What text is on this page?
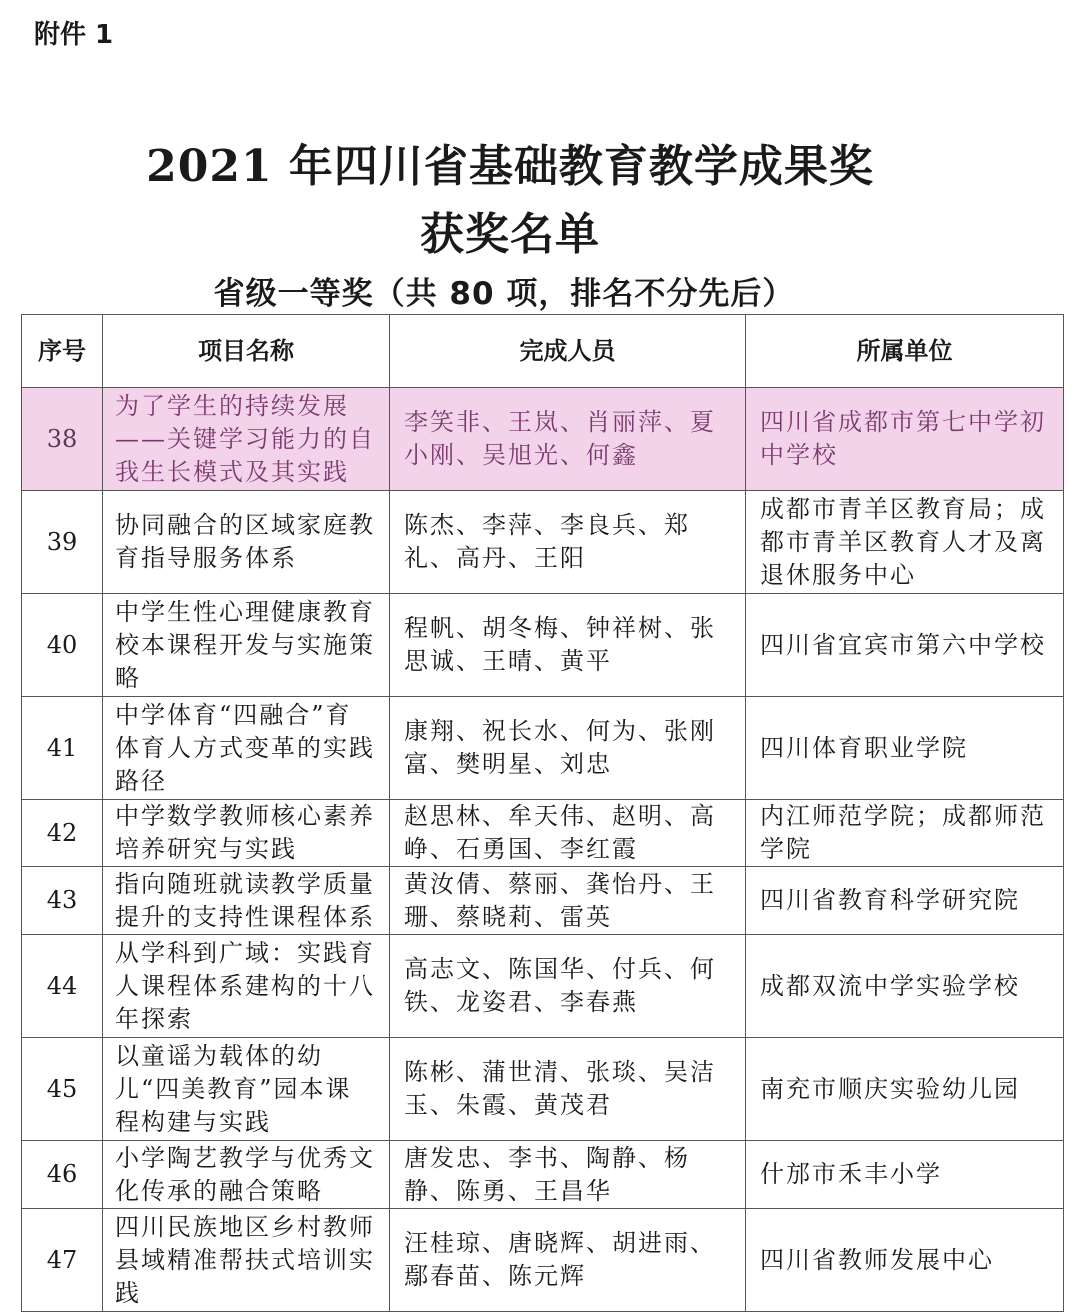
附件 1
2021 年四川省基础教育教学成果奖
获奖名单
省级一等奖（共 80 项，排名不分先后）
序号	项目名称	完成人员	所属单位
38	为了学生的持续发展——关键学习能力的自我生长模式及其实践	李笑非、王岚、肖丽萍、夏小刚、吴旭光、何鑫	四川省成都市第七中学初中学校
39	协同融合的区域家庭教育指导服务体系	陈杰、李萍、李良兵、郑礼、高丹、王阳	成都市青羊区教育局；成都市青羊区教育人才及离退休服务中心
40	中学生性心理健康教育校本课程开发与实施策略	程帆、胡冬梅、钟祥树、张思诚、王晴、黄平	四川省宜宾市第六中学校
41	中学体育“四融合”育体育人方式变革的实践路径	康翔、祝长水、何为、张刚富、樊明星、刘忠	四川体育职业学院
42	中学数学教师核心素养培养研究与实践	赵思林、牟天伟、赵明、高峥、石勇国、李红霞	内江师范学院；成都师范学院
43	指向随班就读教学质量提升的支持性课程体系	黄汝倩、蔡丽、龚怡丹、王珊、蔡晓莉、雷英	四川省教育科学研究院
44	从学科到广域：实践育人课程体系建构的十八年探索	高志文、陈国华、付兵、何铁、龙姿君、李春燕	成都双流中学实验学校
45	以童谣为载体的幼儿“四美教育”园本课程构建与实践	陈彬、蒲世清、张琰、吴洁玉、朱霞、黄茂君	南充市顺庆实验幼儿园
46	小学陶艺教学与优秀文化传承的融合策略	唐发忠、李书、陶静、杨静、陈勇、王昌华	什邡市禾丰小学
47	四川民族地区乡村教师县域精准帮扶式培训实践	汪桂琼、唐晓辉、胡进雨、鄢春苗、陈元辉	四川省教师发展中心
